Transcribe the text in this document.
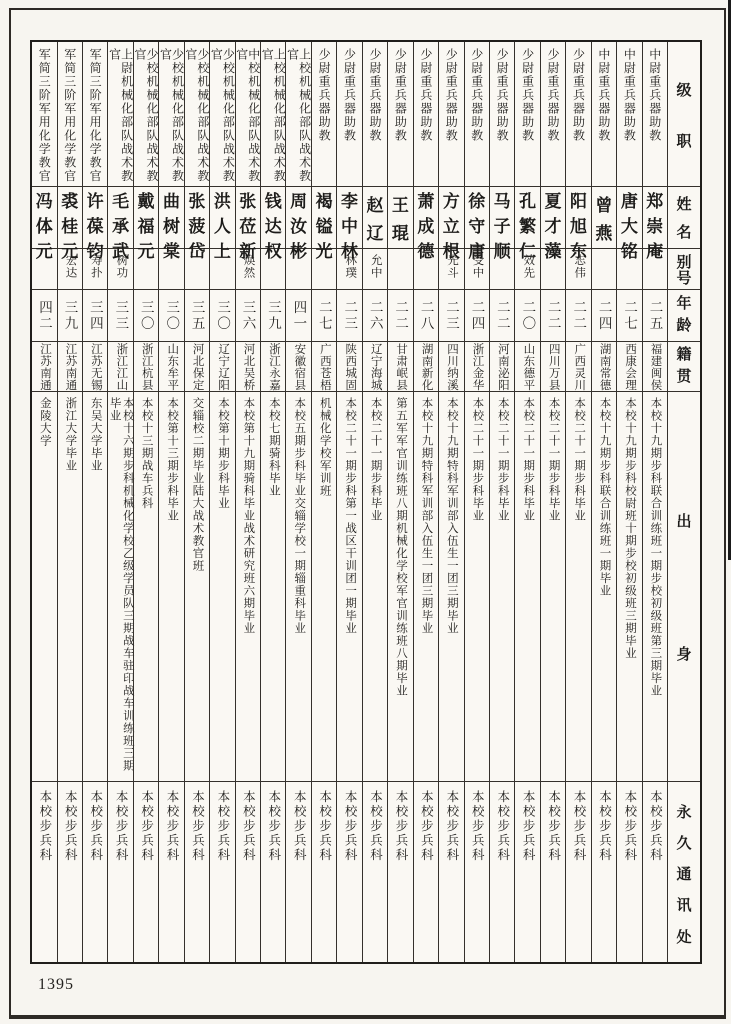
级
职
姓
名
别
号
年
龄
籍
贯
出
身
永
久
通
讯
处
中尉重兵器助教
郑
崇
庵
二五
福建闽侯
本校十九期步科联合训练班一期步校初级班第三期毕业
本校步兵科
中尉重兵器助教
唐
大
铭
二七
西康会理
本校十九期步科校尉班十期步校初级班三期毕业
本校步兵科
中尉重兵器助教
曾
燕
二四
湖南常德
本校十九期步科联合训练班一期毕业
本校步兵科
少尉重兵器助教
阳
旭
东
志伟
二二
广西灵川
本校二十一期步科毕业
本校步兵科
少尉重兵器助教
夏
才
藻
二二
四川万县
本校二十一期步科毕业
本校步兵科
少尉重兵器助教
孔
繁
仁
效先
二〇
山东德平
本校二十一期步科毕业
本校步兵科
少尉重兵器助教
马
子
顺
二二
河南泌阳
本校二十一期步科毕业
本校步兵科
少尉重兵器助教
徐
守
庸
受中
二四
浙江金华
本校二十一期步科毕业
本校步兵科
少尉重兵器助教
方
立
根
光斗
二三
四川纳溪
本校十九期特科军训部入伍生一团三期毕业
本校步兵科
少尉重兵器助教
萧
成
德
二八
湖南新化
本校十九期特科军训部入伍生一团三期毕业
本校步兵科
少尉重兵器助教
王
琨
二二
甘肃岷县
第五军军官训练班八期机械化学校军官训练班八期毕业
本校步兵科
少尉重兵器助教
赵
辽
允中
二六
辽宁海城
本校二十一期步科毕业
本校步兵科
少尉重兵器助教
李
中
林
林璞
二三
陕西城固
本校二十一期步科第一战区干训团一期毕业
本校步兵科
少尉重兵器助教
褐
镒
光
二七
广西苍梧
机械化学校军训班
本校步兵科
上校机械化部队战术教官
周
汝
彬
四一
安徽宿县
本校五期步科毕业交辎学校一期辎重科毕业
本校步兵科
上校机械化部队战术教官
钱
达
权
三九
浙江永嘉
本校七期骑科毕业
本校步兵科
中校机械化部队战术教官
张
莅
新
焕然
三六
河北吴桥
本校第十九期骑科毕业战术研究班六期毕业
本校步兵科
少校机械化部队战术教官
洪
人
上
三〇
辽宁辽阳
本校第十期步科毕业
本校步兵科
少校机械化部队战术教官
张
菠
岱
三五
河北保定
交辎校二期毕业陆大战术教官班
本校步兵科
少校机械化部队战术教官
曲
树
棠
三〇
山东牟平
本校第十三期步科毕业
本校步兵科
少校机械化部队战术教官
戴
福
元
三〇
浙江杭县
本校十三期战车兵科
本校步兵科
上尉机械化部队战术教官
毛
承
武
树功
三三
浙江江山
本校十六期步科机械化学校乙级学员队三期战车驻印战车训练班三期毕业
本校步兵科
军简三阶军用化学教官
许
葆
钧
寿扑
三四
江苏无锡
东吴大学毕业
本校步兵科
军简三阶军用化学教官
裘
桂
元
宏达
三九
江苏南通
浙江大学毕业
本校步兵科
军简三阶军用化学教官
冯
体
元
四二
江苏南通
金陵大学
本校步兵科
1395
